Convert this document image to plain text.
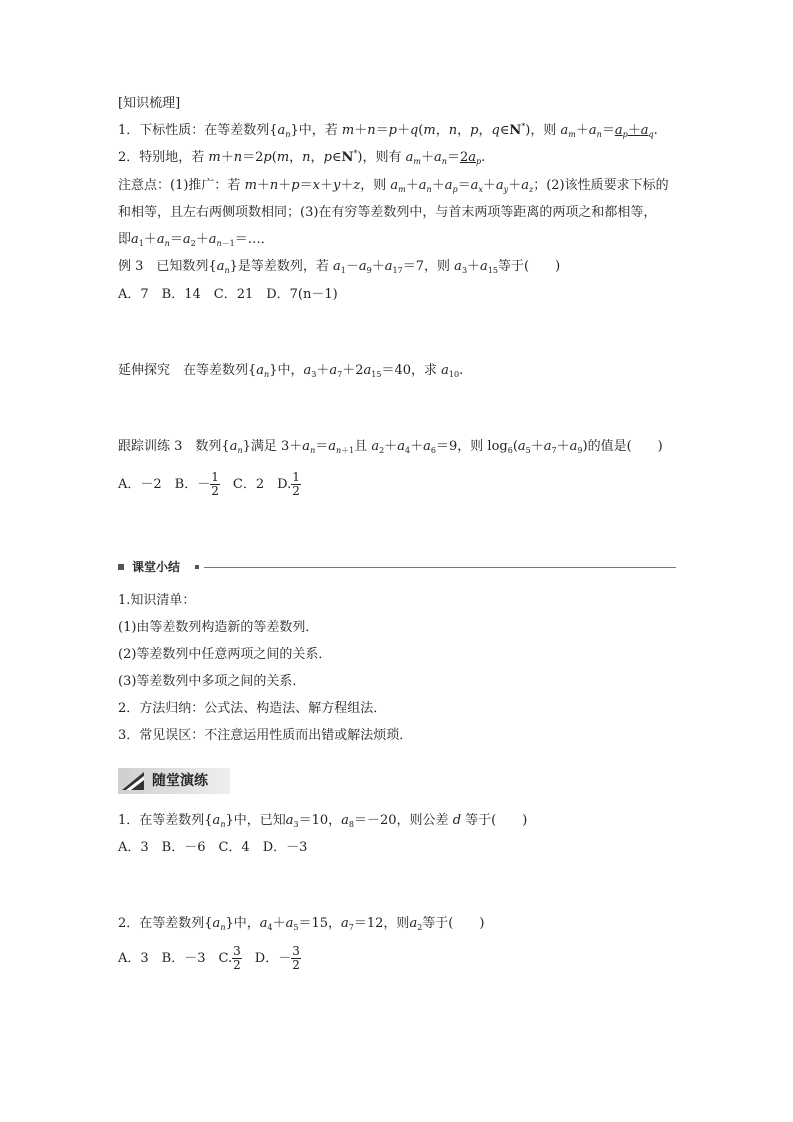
[知识梳理]
1．下标性质：在等差数列$\{a_n\}$中，若 m＋n＝p＋q(m，n，p，q∈N*)，则 $a_m+a_n=a_p+a_q$.
2．特别地，若 m＋n＝2p(m，n，p∈N*)，则有 $a_m+a_n=2a_p$.
注意点：(1)推广：若 m＋n＋p＝x＋y＋z，则 $a_m+a_n+a_p=a_x+a_y+a_z$；(2)该性质要求下标的
和相等，且左右两侧项数相同；(3)在有穷等差数列中，与首末两项等距离的两项之和都相等，
即$a_1+a_n=a_2+a_{n-1}=\dots$．
例 3　已知数列$\{a_n\}$是等差数列，若 $a_1-a_9+a_{17}=7$，则 $a_3+a_{15}$等于(　　)
A．7　B．14　C．21　D．7(n－1)
延伸探究　在等差数列$\{a_n\}$中，$a_3+a_7+2a_{15}=40$，求 $a_{10}$.
跟踪训练 3　数列$\{a_n\}$满足 $3+a_n=a_{n+1}$且 $a_2+a_4+a_6=9$，则 $\log_6(a_5+a_7+a_9)$的值是(　　)
A．－2　B．－ $\frac{1}{2}$
　 C．2　D. $\frac{1}{2}$
课堂小结
1.知识清单：
(1)由等差数列构造新的等差数列．
(2)等差数列中任意两项之间的关系．
(3)等差数列中多项之间的关系．
2．方法归纳：公式法、构造法、解方程组法．
3．常见误区：不注意运用性质而出错或解法烦琐．
随堂演练
1．在等差数列$\{a_n\}$中，已知$a_3=10$，$a_8=-20$，则公差 d 等于(　　)
A．3　B．－6　C．4　D．－3
2．在等差数列$\{a_n\}$中，$a_4+a_5=15$，$a_7=12$，则$a_2$等于(　　)
A．3　B．－3　C. $\frac{3}{2}$
　 D．－ $\frac{3}{2}$
